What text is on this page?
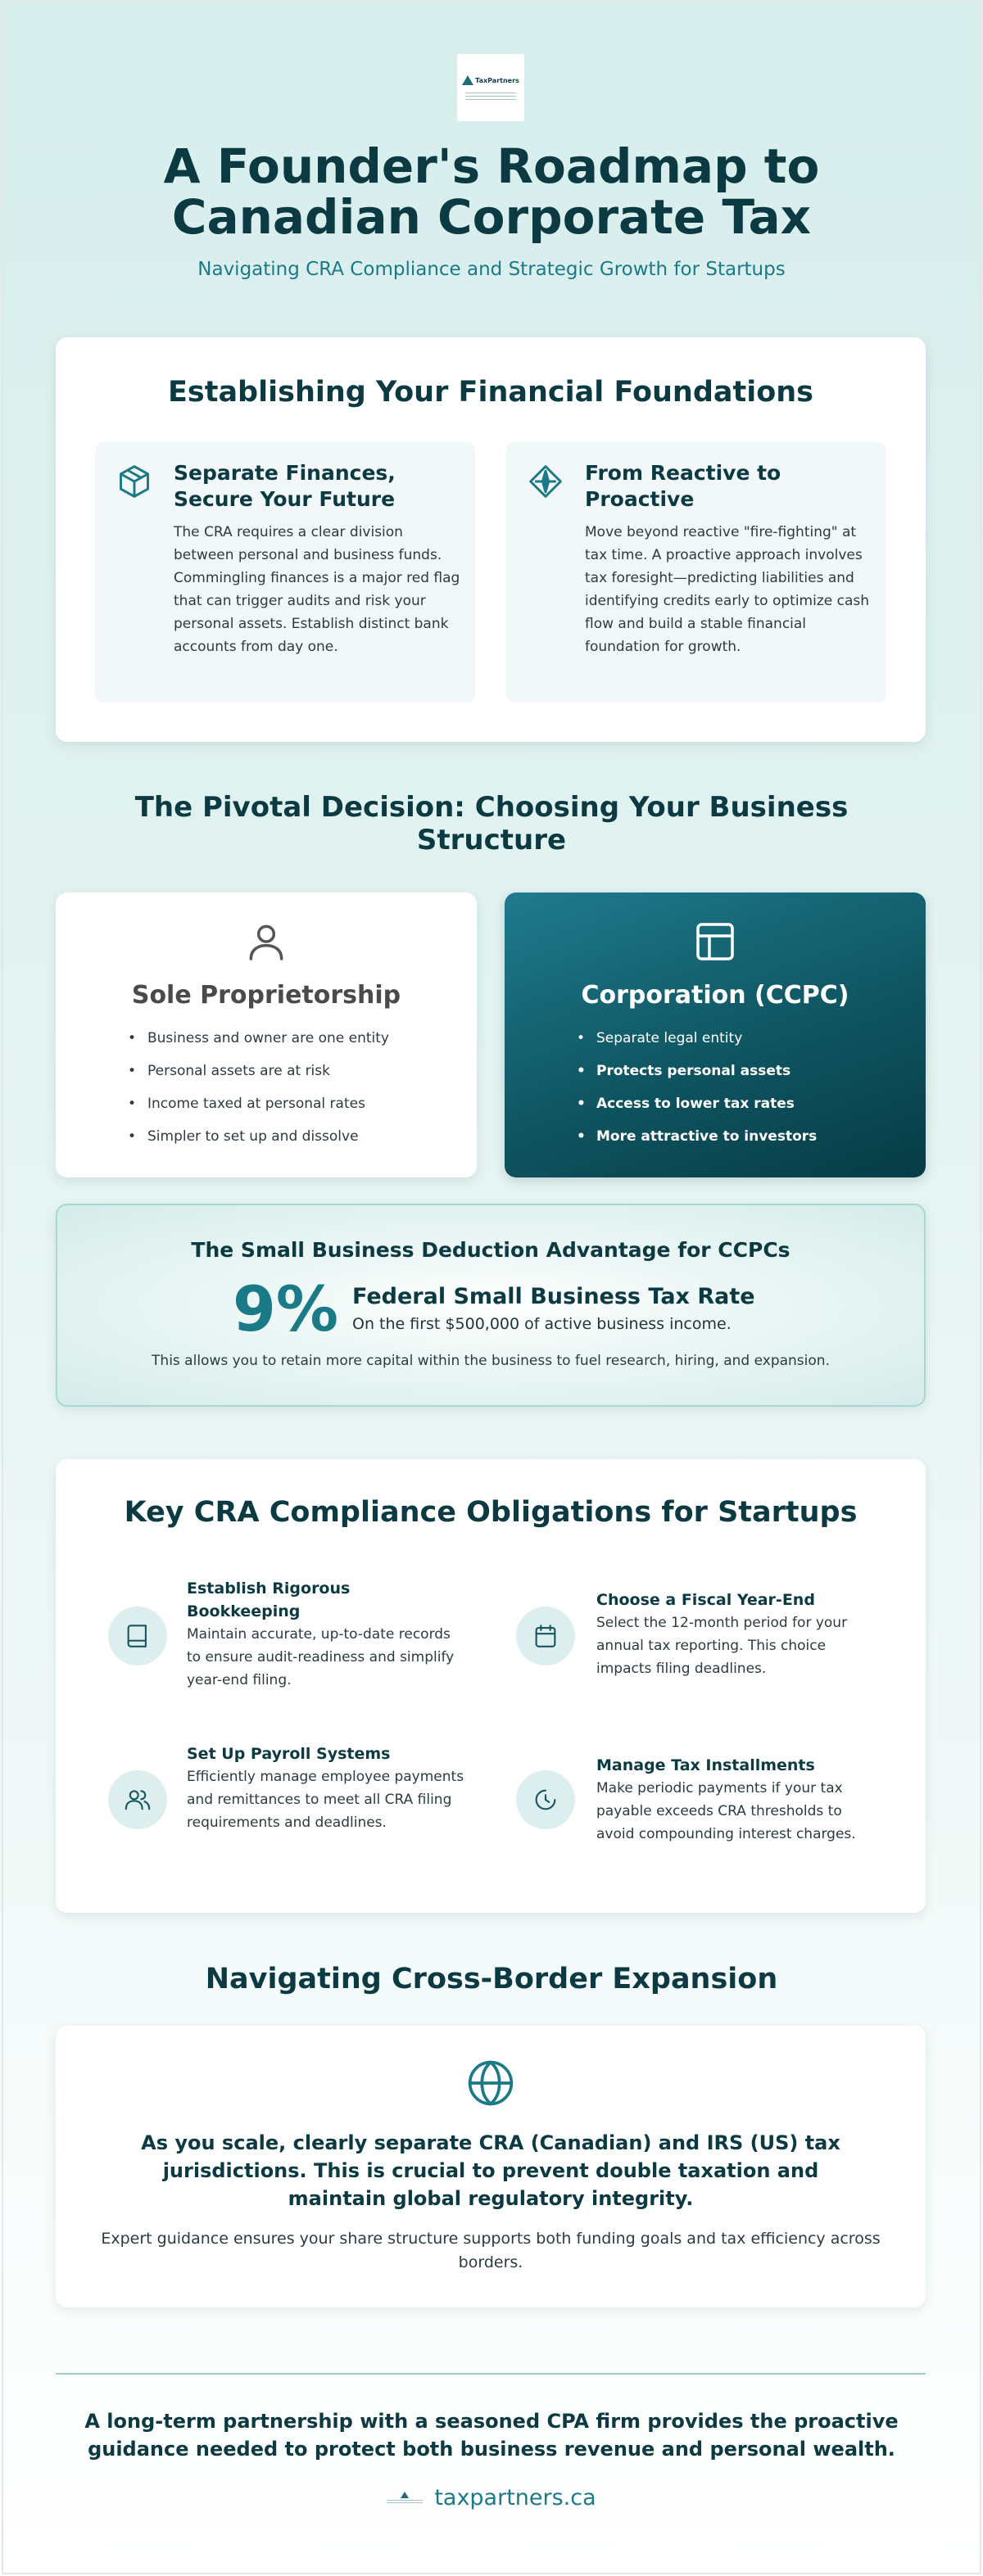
TaxPartners
A Founder's Roadmap to Canadian Corporate Tax
Navigating CRA Compliance and Strategic Growth for Startups
Establishing Your Financial Foundations
Separate Finances, Secure Your Future
The CRA requires a clear division between personal and business funds. Commingling finances is a major red flag that can trigger audits and risk your personal assets. Establish distinct bank accounts from day one.
From Reactive to Proactive
Move beyond reactive "fire-fighting" at tax time. A proactive approach involves tax foresight—predicting liabilities and identifying credits early to optimize cash flow and build a stable financial foundation for growth.
The Pivotal Decision: Choosing Your Business Structure
Sole Proprietorship
• Business and owner are one entity
• Personal assets are at risk
• Income taxed at personal rates
• Simpler to set up and dissolve
Corporation (CCPC)
• Separate legal entity
• Protects personal assets
• Access to lower tax rates
• More attractive to investors
The Small Business Deduction Advantage for CCPCs
9% Federal Small Business Tax Rate
On the first $500,000 of active business income.
This allows you to retain more capital within the business to fuel research, hiring, and expansion.
Key CRA Compliance Obligations for Startups
Establish Rigorous Bookkeeping
Maintain accurate, up-to-date records to ensure audit-readiness and simplify year-end filing.
Choose a Fiscal Year-End
Select the 12-month period for your annual tax reporting. This choice impacts filing deadlines.
Set Up Payroll Systems
Efficiently manage employee payments and remittances to meet all CRA filing requirements and deadlines.
Manage Tax Installments
Make periodic payments if your tax payable exceeds CRA thresholds to avoid compounding interest charges.
Navigating Cross-Border Expansion
As you scale, clearly separate CRA (Canadian) and IRS (US) tax jurisdictions. This is crucial to prevent double taxation and maintain global regulatory integrity.
Expert guidance ensures your share structure supports both funding goals and tax efficiency across borders.
A long-term partnership with a seasoned CPA firm provides the proactive guidance needed to protect both business revenue and personal wealth.
taxpartners.ca
